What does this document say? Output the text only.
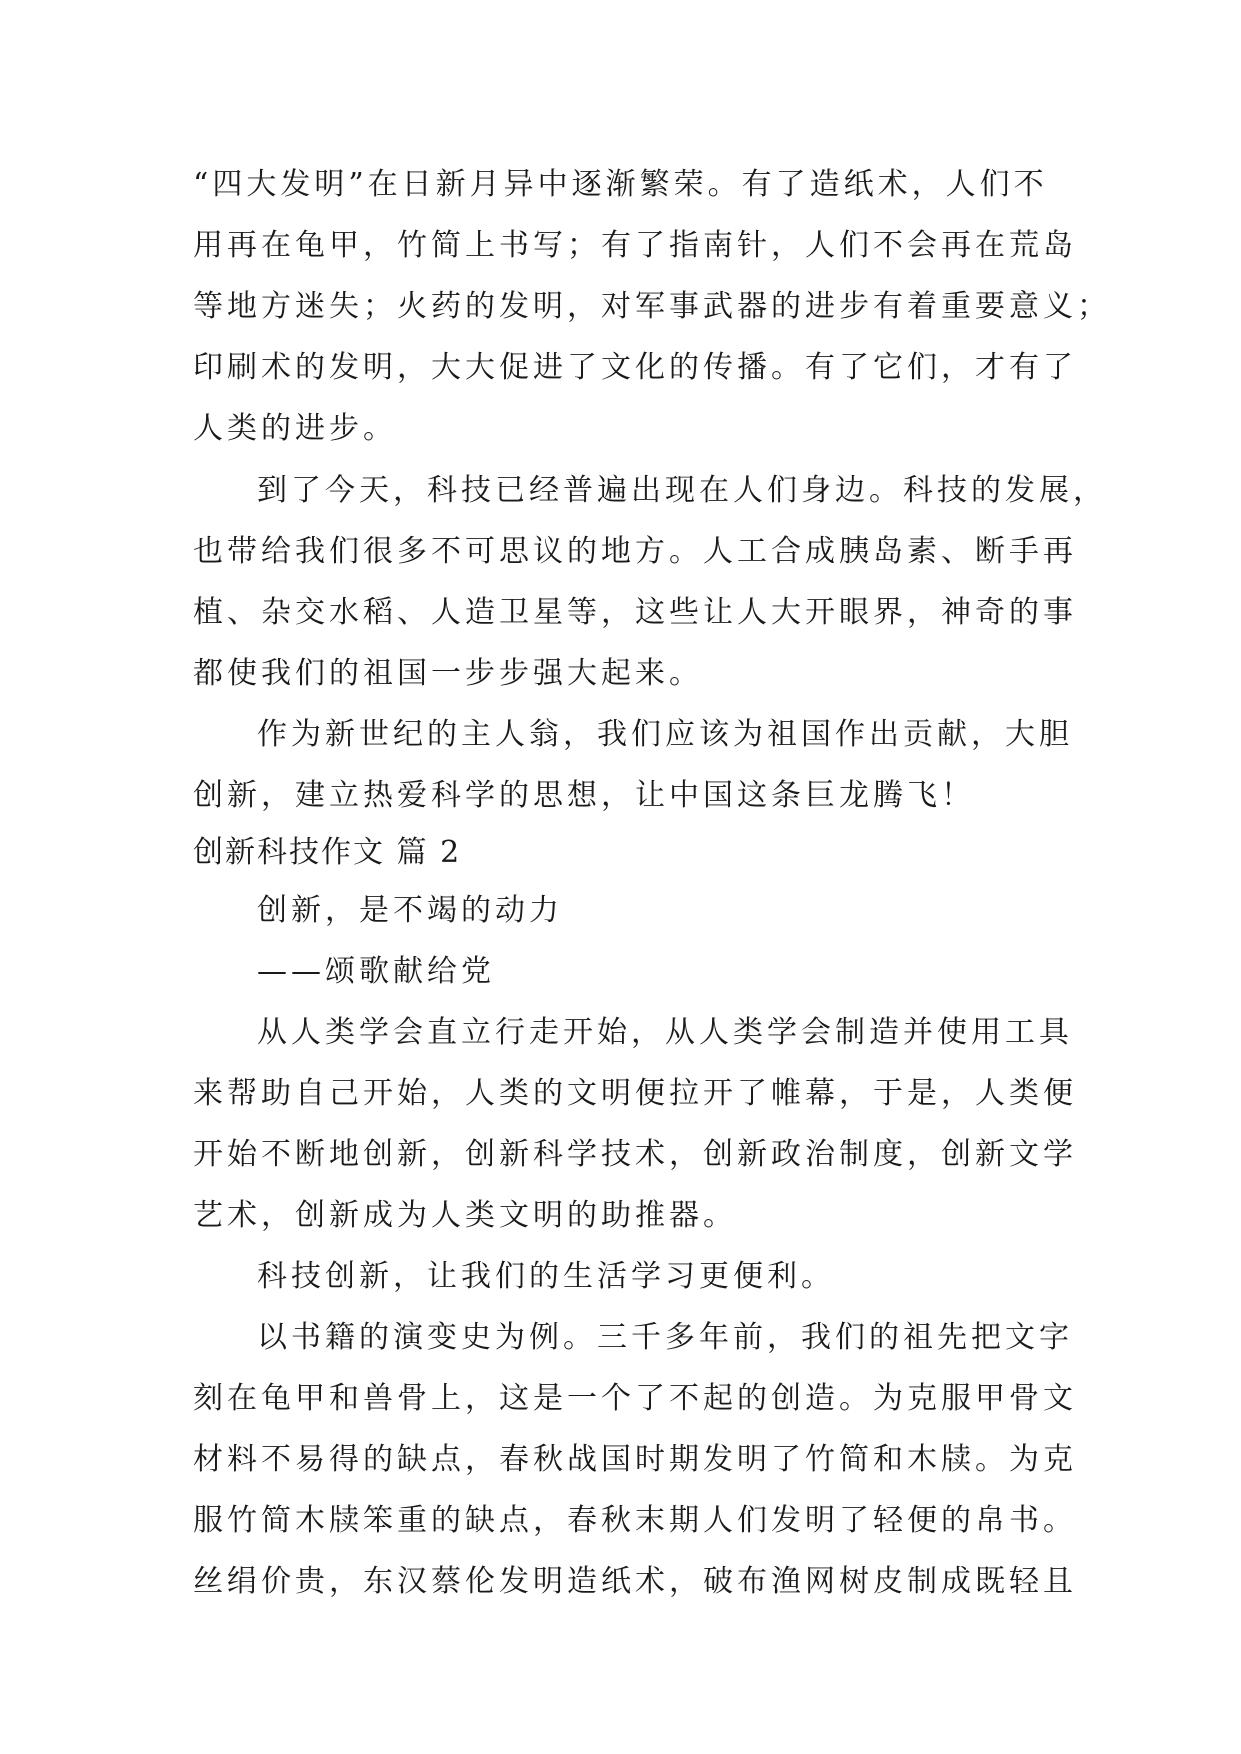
“四大发明”在日新月异中逐渐繁荣。有了造纸术，人们不
用再在龟甲，竹简上书写；有了指南针，人们不会再在荒岛
等地方迷失；火药的发明，对军事武器的进步有着重要意义；
印刷术的发明，大大促进了文化的传播。有了它们，才有了
人类的进步。
到了今天，科技已经普遍出现在人们身边。科技的发展，
也带给我们很多不可思议的地方。人工合成胰岛素、断手再
植、杂交水稻、人造卫星等，这些让人大开眼界，神奇的事
都使我们的祖国一步步强大起来。
作为新世纪的主人翁，我们应该为祖国作出贡献，大胆
创新，建立热爱科学的思想，让中国这条巨龙腾飞！
创新科技作文 篇 2
创新，是不竭的动力
——颂歌献给党
从人类学会直立行走开始，从人类学会制造并使用工具
来帮助自己开始，人类的文明便拉开了帷幕，于是，人类便
开始不断地创新，创新科学技术，创新政治制度，创新文学
艺术，创新成为人类文明的助推器。
科技创新，让我们的生活学习更便利。
以书籍的演变史为例。三千多年前，我们的祖先把文字
刻在龟甲和兽骨上，这是一个了不起的创造。为克服甲骨文
材料不易得的缺点，春秋战国时期发明了竹简和木牍。为克
服竹简木牍笨重的缺点，春秋末期人们发明了轻便的帛书。
丝绢价贵，东汉蔡伦发明造纸术，破布渔网树皮制成既轻且
